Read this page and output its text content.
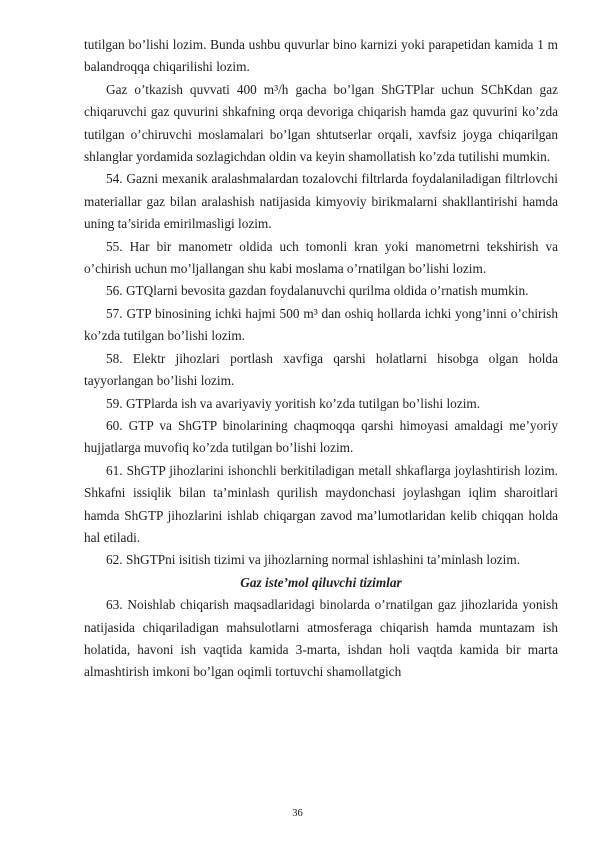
tutilgan bo’lishi lozim. Bunda ushbu quvurlar bino karnizi yoki parapetidan kamida 1 m balandroqqa chiqarilishi lozim.

Gaz o’tkazish quvvati 400 m³/h gacha bo’lgan ShGTPlar uchun SChKdan gaz chiqaruvchi gaz quvurini shkafning orqa devoriga chiqarish hamda gaz quvurini ko’zda tutilgan o’chiruvchi moslamalari bo’lgan shtutserlar orqali, xavfsiz joyga chiqarilgan shlanglar yordamida sozlagichdan oldin va keyin shamollatish ko’zda tutilishi mumkin.

54. Gazni mexanik aralashmalardan tozalovchi filtrlarda foydalaniladigan filtrlovchi materiallar gaz bilan aralashish natijasida kimyoviy birikmalarni shakllantirishi hamda uning ta’sirida emirilmasligi lozim.

55. Har bir manometr oldida uch tomonli kran yoki manometrni tekshirish va o’chirish uchun mo’ljallangan shu kabi moslama o’rnatilgan bo’lishi lozim.

56. GTQlarni bevosita gazdan foydalanuvchi qurilma oldida o’rnatish mumkin.

57. GTP binosining ichki hajmi 500 m³ dan oshiq hollarda ichki yong’inni o’chirish ko’zda tutilgan bo’lishi lozim.

58. Elektr jihozlari portlash xavfiga qarshi holatlarni hisobga olgan holda tayyorlangan bo’lishi lozim.

59. GTPlarda ish va avariyaviy yoritish ko’zda tutilgan bo’lishi lozim.

60. GTP va ShGTP binolarining chaqmoqqa qarshi himoyasi amaldagi me’yoriy hujjatlarga muvofiq ko’zda tutilgan bo’lishi lozim.

61. ShGTP jihozlarini ishonchli berkitiladigan metall shkaflarga joylashtirish lozim. Shkafni issiqlik bilan ta’minlash qurilish maydonchasi joylashgan iqlim sharoitlari hamda ShGTP jihozlarini ishlab chiqargan zavod ma’lumotlaridan kelib chiqqan holda hal etiladi.

62. ShGTPni isitish tizimi va jihozlarning normal ishlashini ta’minlash lozim.

Gaz iste’mol qiluvchi tizimlar

63. Noishlab chiqarish maqsadlaridagi binolarda o’rnatilgan gaz jihozlarida yonish natijasida chiqariladigan mahsulotlarni atmosferaga chiqarish hamda muntazam ish holatida, havoni ish vaqtida kamida 3-marta, ishdan holi vaqtda kamida bir marta almashtirish imkoni bo’lgan oqimli tortuvchi shamollatgich

36
